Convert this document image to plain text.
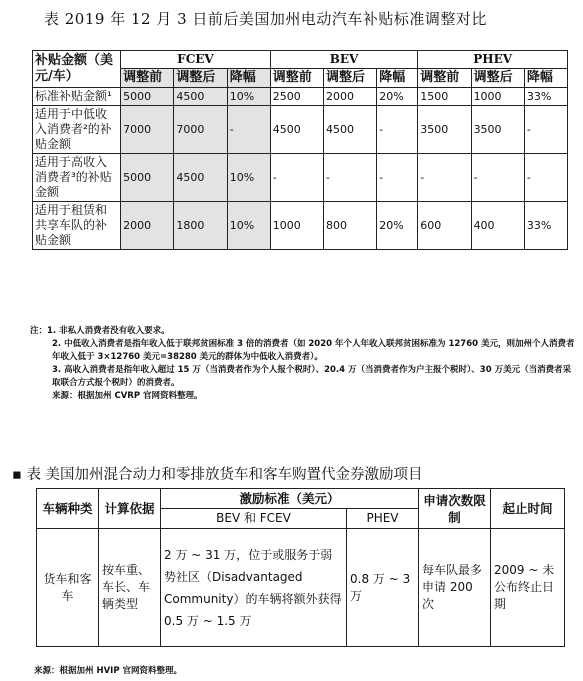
表 2019 年 12 月 3 日前后美国加州电动汽车补贴标准调整对比
补贴金额（美元/车）	FCEV			BEV			PHEV		
	调整前	调整后	降幅	调整前	调整后	降幅	调整前	调整后	降幅
标准补贴金额¹	5000	4500	10%	2500	2000	20%	1500	1000	33%
适用于中低收入消费者²的补贴金额	7000	7000	-	4500	4500	-	3500	3500	-
适用于高收入消费者³的补贴金额	5000	4500	10%	-	-	-	-	-	-
适用于租赁和共享车队的补贴金额	2000	1800	10%	1000	800	20%	600	400	33%

注：1. 非私人消费者没有收入要求。

2. 中低收入消费者是指年收入低于联邦贫困标准 3 倍的消费者（如 2020 年个人年收入联邦贫困标准为 12760 美元，则加州个人消费者年收入低于 3×12760 美元=38280 美元的群体为中低收入消费者）。

3. 高收入消费者是指年收入超过 15 万（当消费者作为个人报个税时）、20.4 万（当消费者作为户主报个税时）、30 万美元（当消费者采取联合方式报个税时）的消费者。

来源：根据加州 CVRP 官网资料整理。

▪ 表 美国加州混合动力和零排放货车和客车购置代金券激励项目
车辆种类	计算依据	激励标准（美元）		申请次数限制	起止时间
		BEV 和 FCEV	PHEV		
货车和客车	按车重、车长、车辆类型	2 万 ~ 31 万，位于或服务于弱势社区（Disadvantaged Community）的车辆将额外获得 0.5 万 ~ 1.5 万	0.8 万 ~ 3 万	每车队最多申请 200 次	2009 ~ 未公布终止日期
来源：根据加州 HVIP 官网资料整理。
